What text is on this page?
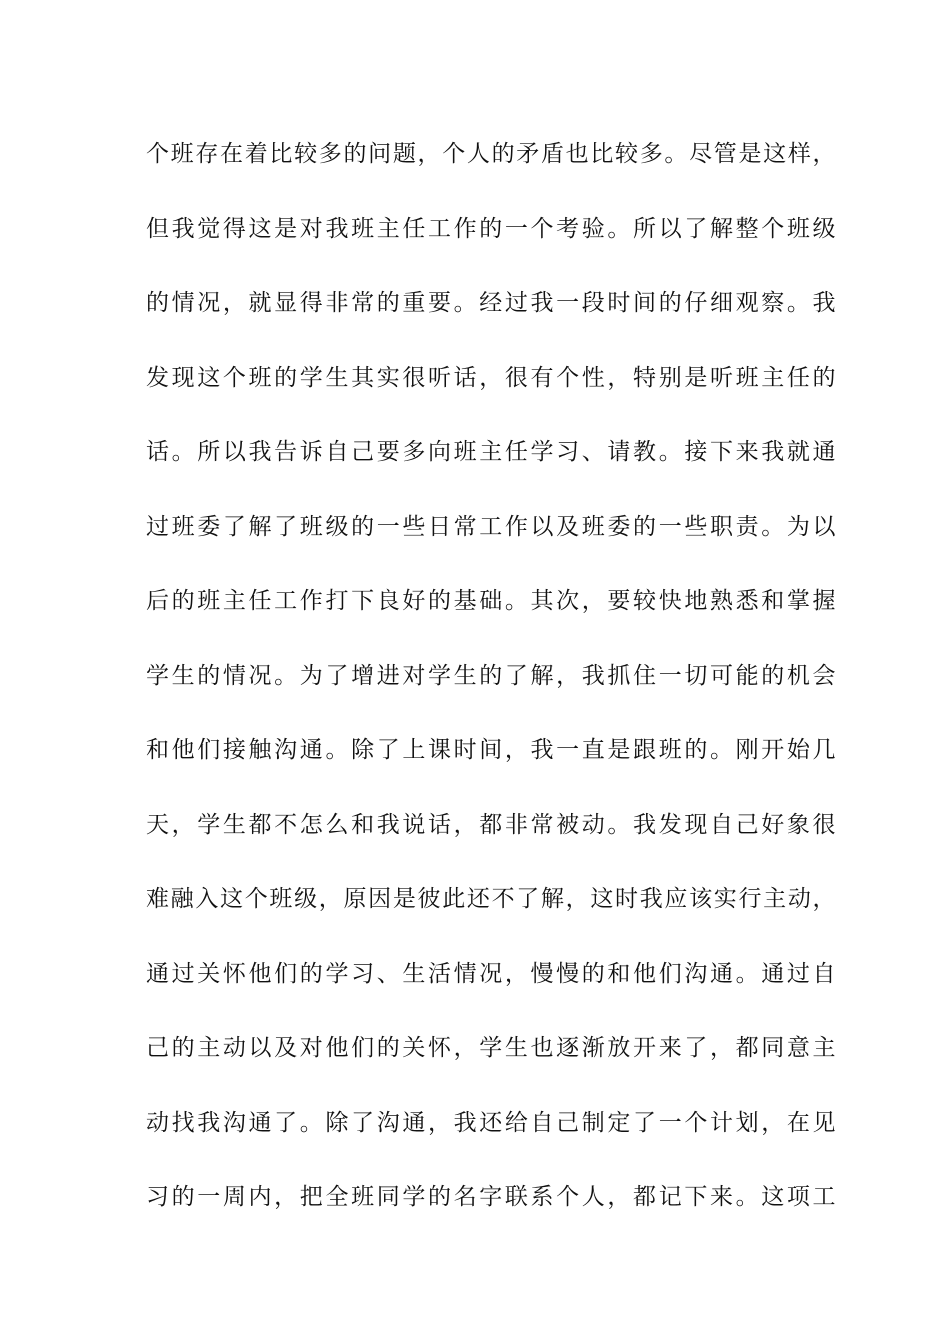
个班存在着比较多的问题，个人的矛盾也比较多。尽管是这样，
但我觉得这是对我班主任工作的一个考验。所以了解整个班级
的情况，就显得非常的重要。经过我一段时间的仔细观察。我
发现这个班的学生其实很听话，很有个性，特别是听班主任的
话。所以我告诉自己要多向班主任学习、请教。接下来我就通
过班委了解了班级的一些日常工作以及班委的一些职责。为以
后的班主任工作打下良好的基础。其次，要较快地熟悉和掌握
学生的情况。为了增进对学生的了解，我抓住一切可能的机会
和他们接触沟通。除了上课时间，我一直是跟班的。刚开始几
天，学生都不怎么和我说话，都非常被动。我发现自己好象很
难融入这个班级，原因是彼此还不了解，这时我应该实行主动，
通过关怀他们的学习、生活情况，慢慢的和他们沟通。通过自
己的主动以及对他们的关怀，学生也逐渐放开来了，都同意主
动找我沟通了。除了沟通，我还给自己制定了一个计划，在见
习的一周内，把全班同学的名字联系个人，都记下来。这项工
